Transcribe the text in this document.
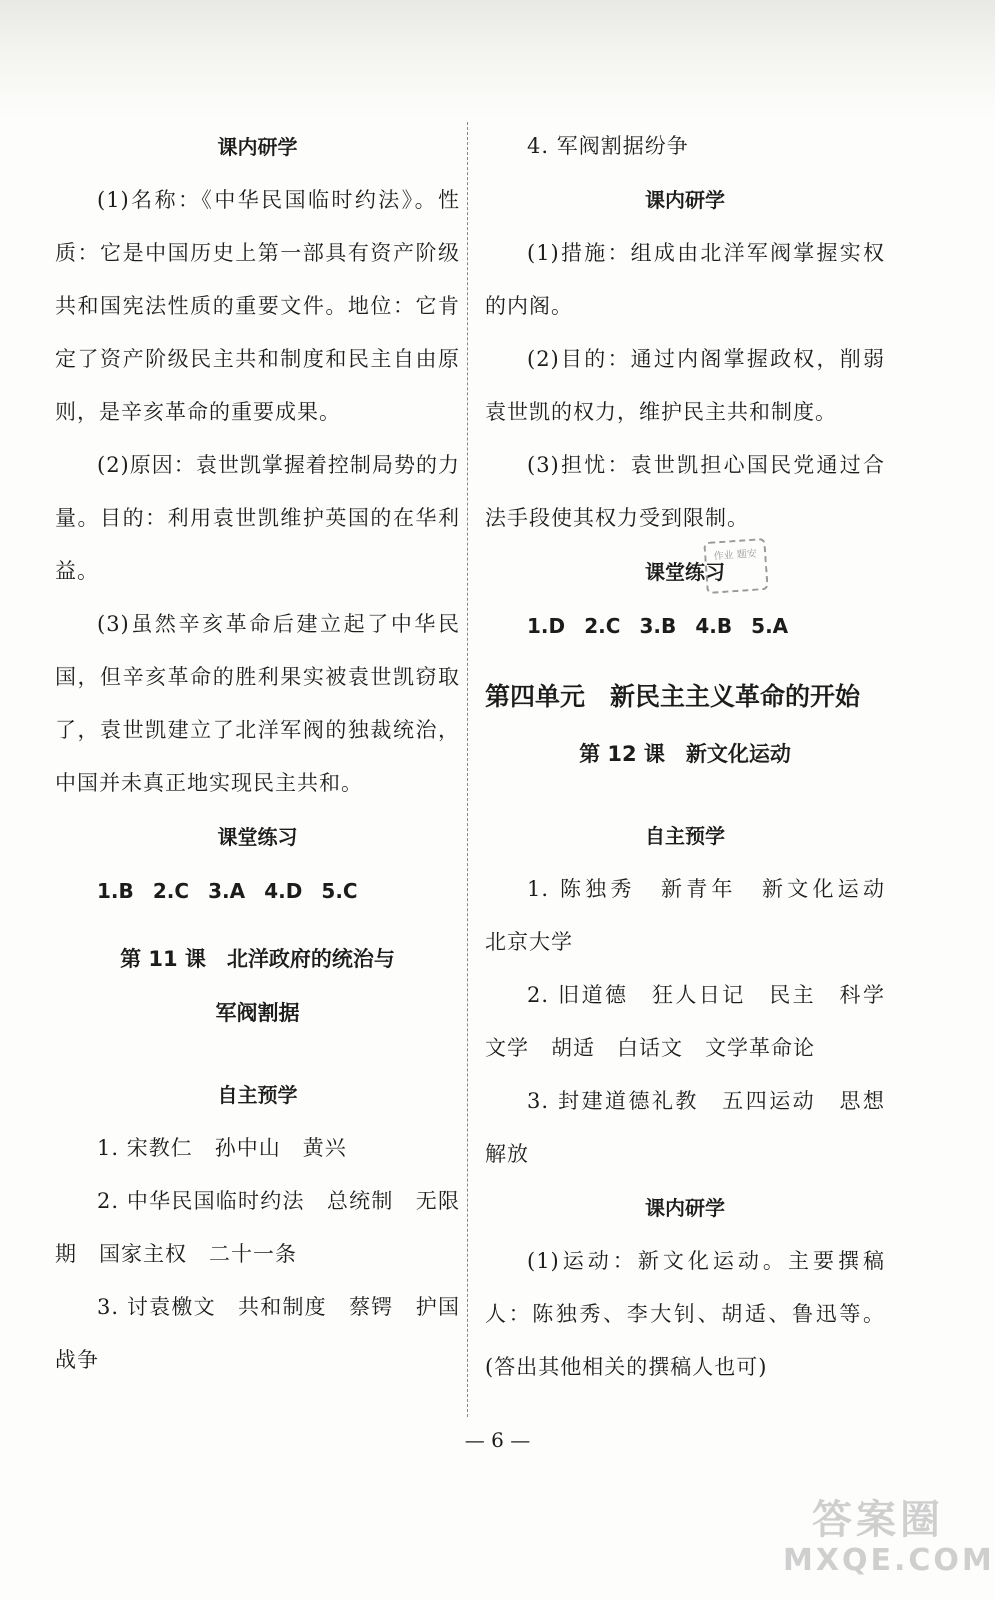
课内研学

(1)名称：《中华民国临时约法》。性质：它是中国历史上第一部具有资产阶级共和国宪法性质的重要文件。地位：它肯定了资产阶级民主共和制度和民主自由原则，是辛亥革命的重要成果。

(2)原因：袁世凯掌握着控制局势的力量。目的：利用袁世凯维护英国的在华利益。

(3)虽然辛亥革命后建立起了中华民国，但辛亥革命的胜利果实被袁世凯窃取了，袁世凯建立了北洋军阀的独裁统治，中国并未真正地实现民主共和。

课堂练习

1.B 2.C 3.A 4.D 5.C

第 11 课　北洋政府的统治与

军阀割据

自主预学

1. 宋教仁　孙中山　黄兴

2. 中华民国临时约法　总统制　无限期　国家主权　二十一条

3. 讨袁檄文　共和制度　蔡锷　护国战争

4. 军阀割据纷争

课内研学

(1)措施：组成由北洋军阀掌握实权的内阁。

(2)目的：通过内阁掌握政权，削弱袁世凯的权力，维护民主共和制度。

(3)担忧：袁世凯担心国民党通过合法手段使其权力受到限制。

课堂练习

1.D 2.C 3.B 4.B 5.A

第四单元　新民主主义革命的开始

第 12 课　新文化运动

自主预学

1. 陈独秀　新青年　新文化运动　北京大学

2. 旧道德　狂人日记　民主　科学　文学　胡适　白话文　文学革命论

3. 封建道德礼教　五四运动　思想解放

课内研学

(1)运动：新文化运动。主要撰稿人：陈独秀、李大钊、胡适、鲁迅等。(答出其他相关的撰稿人也可)

作业 题安
— 6 —
答案圈
MXQE.COM
